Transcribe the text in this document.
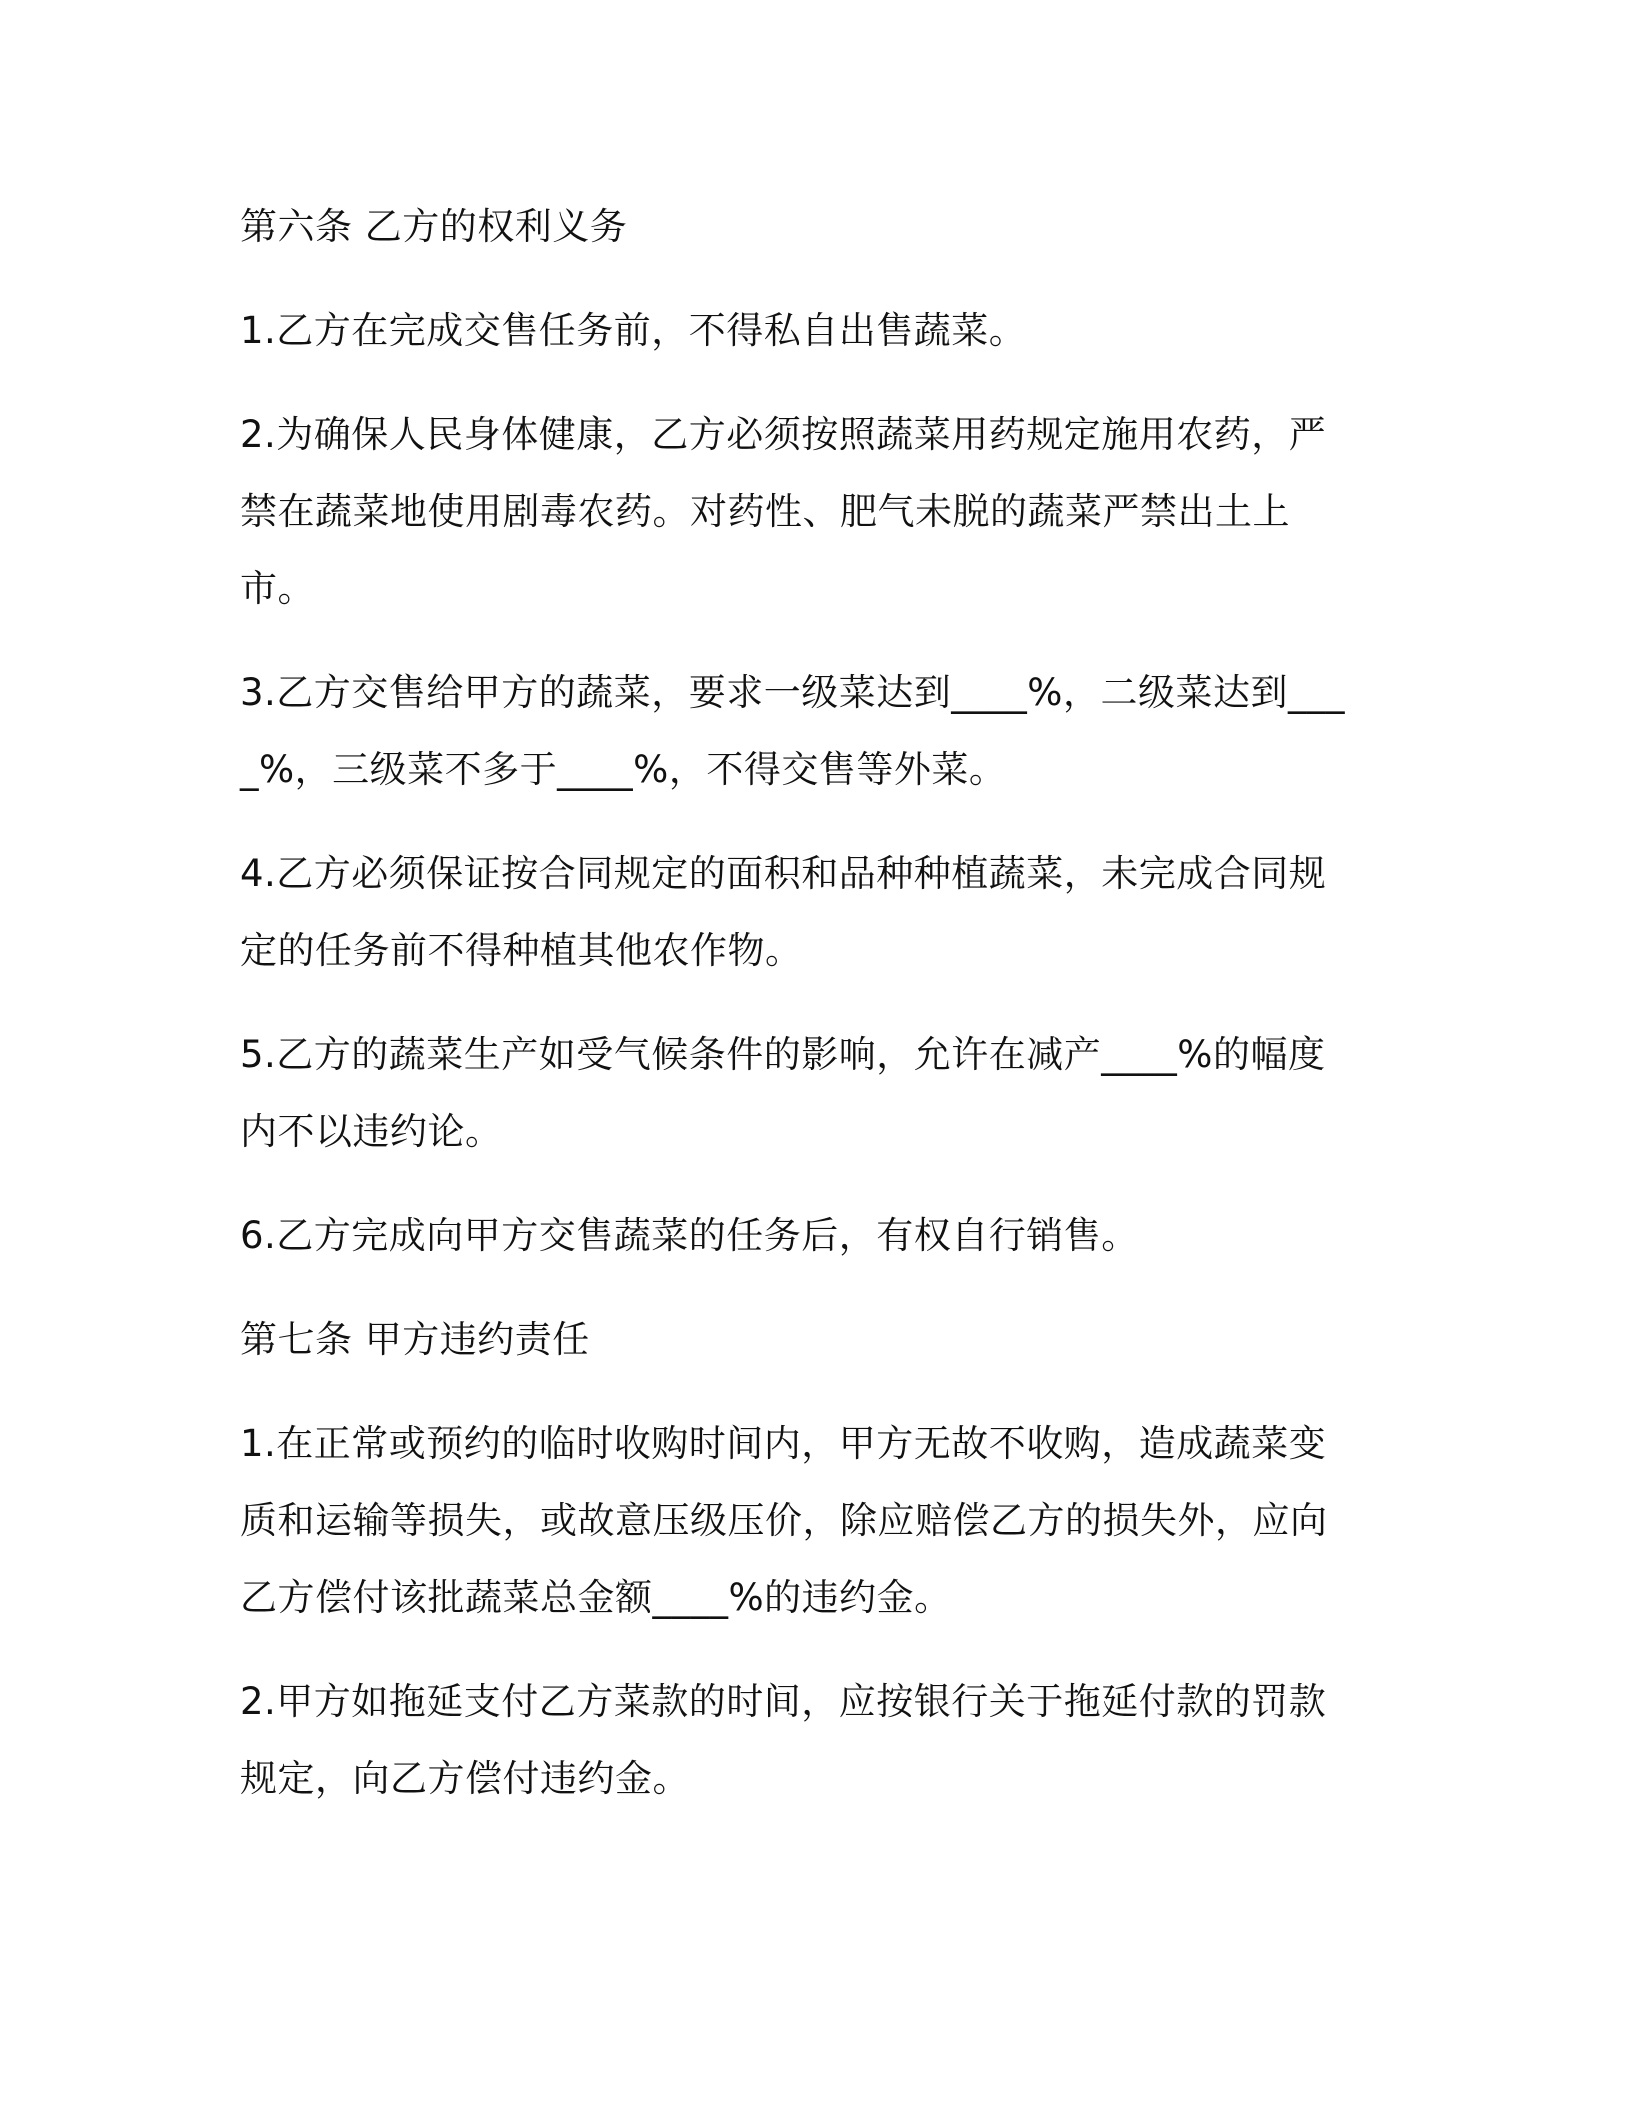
第六条 乙方的权利义务

1.乙方在完成交售任务前，不得私自出售蔬菜。

2.为确保人民身体健康，乙方必须按照蔬菜用药规定施用农药，严禁在蔬菜地使用剧毒农药。对药性、肥气未脱的蔬菜严禁出土上市。

3.乙方交售给甲方的蔬菜，要求一级菜达到____%，二级菜达到____%，三级菜不多于____%，不得交售等外菜。

4.乙方必须保证按合同规定的面积和品种种植蔬菜，未完成合同规定的任务前不得种植其他农作物。

5.乙方的蔬菜生产如受气候条件的影响，允许在减产____%的幅度内不以违约论。

6.乙方完成向甲方交售蔬菜的任务后，有权自行销售。

第七条 甲方违约责任

1.在正常或预约的临时收购时间内，甲方无故不收购，造成蔬菜变质和运输等损失，或故意压级压价，除应赔偿乙方的损失外，应向乙方偿付该批蔬菜总金额____%的违约金。

2.甲方如拖延支付乙方菜款的时间，应按银行关于拖延付款的罚款规定，向乙方偿付违约金。
